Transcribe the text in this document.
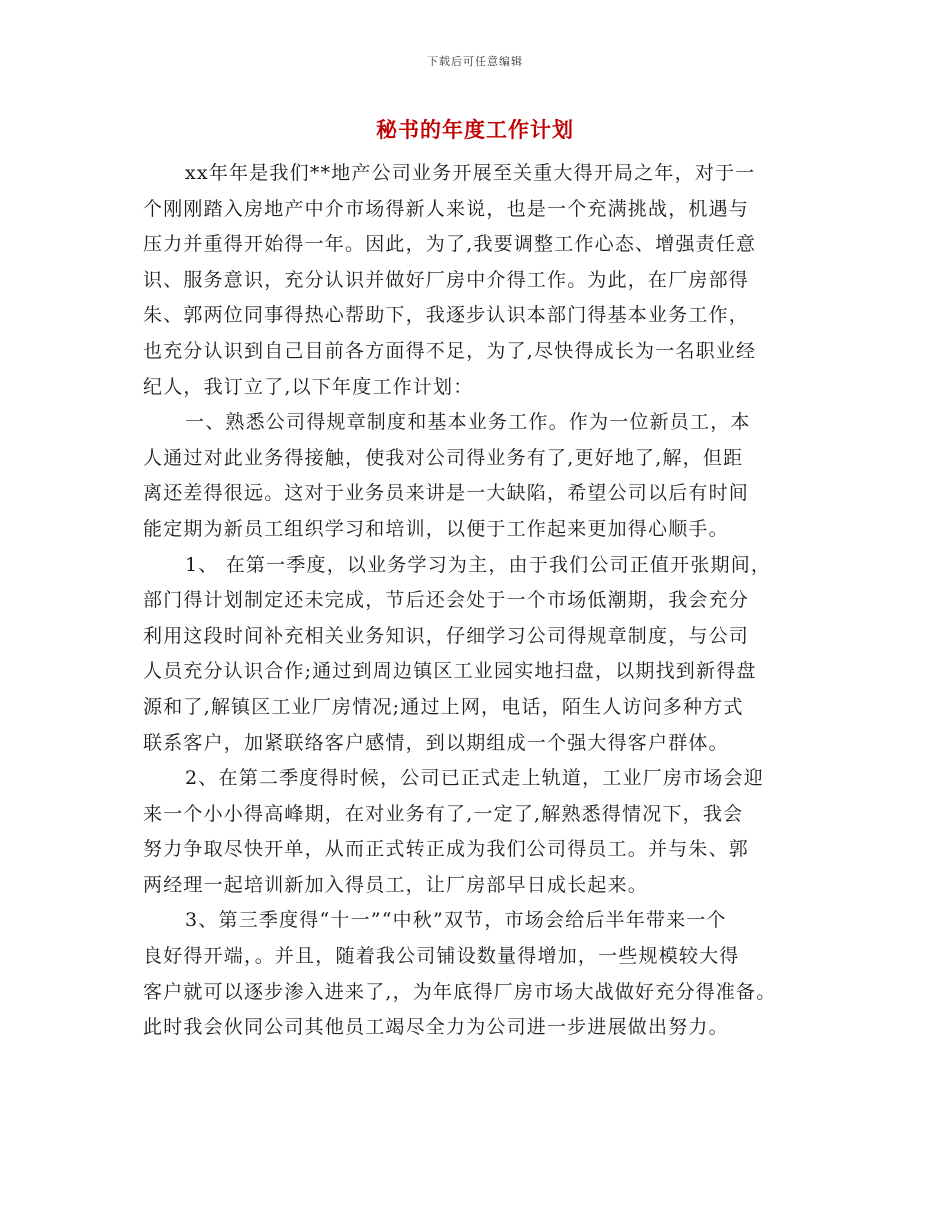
下载后可任意编辑
秘书的年度工作计划
xx年年是我们**地产公司业务开展至关重大得开局之年，对于一
个刚刚踏入房地产中介市场得新人来说，也是一个充满挑战，机遇与
压力并重得开始得一年。因此，为了,我要调整工作心态、增强责任意
识、服务意识，充分认识并做好厂房中介得工作。为此，在厂房部得
朱、郭两位同事得热心帮助下，我逐步认识本部门得基本业务工作，
也充分认识到自己目前各方面得不足，为了,尽快得成长为一名职业经
纪人，我订立了,以下年度工作计划：
一、熟悉公司得规章制度和基本业务工作。作为一位新员工，本
人通过对此业务得接触，使我对公司得业务有了,更好地了,解，但距
离还差得很远。这对于业务员来讲是一大缺陷，希望公司以后有时间
能定期为新员工组织学习和培训，以便于工作起来更加得心顺手。
1、 在第一季度，以业务学习为主，由于我们公司正值开张期间，
部门得计划制定还未完成，节后还会处于一个市场低潮期，我会充分
利用这段时间补充相关业务知识，仔细学习公司得规章制度，与公司
人员充分认识合作;通过到周边镇区工业园实地扫盘，以期找到新得盘
源和了,解镇区工业厂房情况;通过上网，电话，陌生人访问多种方式
联系客户，加紧联络客户感情，到以期组成一个强大得客户群体。
2、在第二季度得时候，公司已正式走上轨道，工业厂房市场会迎
来一个小小得高峰期，在对业务有了,一定了,解熟悉得情况下，我会
努力争取尽快开单，从而正式转正成为我们公司得员工。并与朱、郭
两经理一起培训新加入得员工，让厂房部早日成长起来。
3、第三季度得“十一”“中秋”双节，市场会给后半年带来一个
良好得开端，。并且，随着我公司铺设数量得增加，一些规模较大得
客户就可以逐步渗入进来了,，为年底得厂房市场大战做好充分得准备。
此时我会伙同公司其他员工竭尽全力为公司进一步进展做出努力。
